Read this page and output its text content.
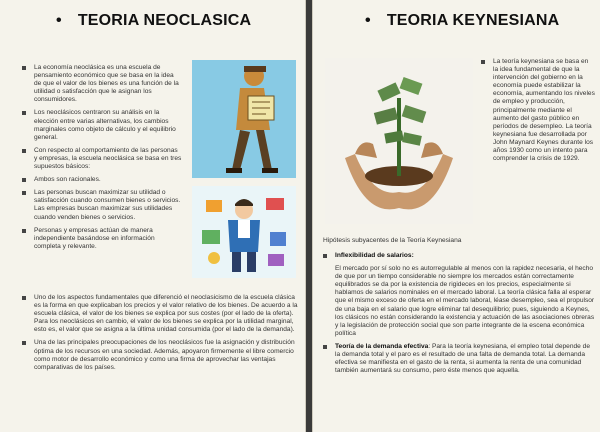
• TEORIA NEOCLASICA
La economía neoclásica es una escuela de pensamiento económico que se basa en la idea de que el valor de los bienes es una función de la utilidad o satisfacción que le asignan los consumidores.
Los neoclásicos centraron su análisis en la elección entre varias alternativas, los cambios marginales como objeto de cálculo y el equilibrio general.
Con respecto al comportamiento de las personas y empresas, la escuela neoclásica se basa en tres supuestos básicos:
Ambos son racionales.
Las personas buscan maximizar su utilidad o satisfacción cuando consumen bienes o servicios. Las empresas buscan maximizar sus utilidades cuando venden bienes o servicios.
Personas y empresas actúan de manera independiente basándose en información completa y relevante.
Uno de los aspectos fundamentales que diferenció el neoclasicismo de la escuela clásica es la forma en que explicaban los precios y el valor relativo de los bienes. De acuerdo a la escuela clásica, el valor de los bienes se explica por sus costes (por el lado de la oferta). Para los neoclásicos en cambio, el valor de los bienes se explica por la utilidad marginal, esto es, el valor que se asigna a la última unidad consumida (por el lado de la demanda).
Una de las principales preocupaciones de los neoclásicos fue la asignación y distribución óptima de los recursos en una sociedad. Además, apoyaron firmemente el libre comercio como motor de desarrollo económico y como una firma de aprovechar las ventajas comparativas de los países.
• TEORIA KEYNESIANA
La teoría keynesiana se basa en la idea fundamental de que la intervención del gobierno en la economía puede estabilizar la economía, aumentando los niveles de empleo y producción, principalmente mediante el aumento del gasto público en períodos de desempleo. La teoría keynesiana fue desarrollada por John Maynard Keynes durante los años 1930 como un intento para comprender la crisis de 1929.
Hipótesis subyacentes de la Teoría Keynesiana
Inflexibilidad de salarios:
El mercado por sí solo no es autorregulable al menos con la rapidez necesaria, el hecho de que por un tiempo considerable no siempre los mercados están correctamente equilibrados se da por la existencia de rigideces en los precios, especialmente si hablamos de salarios nominales en el mercado laboral. La teoría clásica falla al esperar que el mismo exceso de oferta en el mercado laboral, léase desempleo, sea el propulsor de una baja en el salario que logre eliminar tal desequilibrio; pues, siguiendo a Keynes, los clásicos no están considerando la existencia y actuación de las asociaciones obreras y la legislación de protección social que son parte integrante de la escena económica política
Teoría de la demanda efectiva: Para la teoría keynesiana, el empleo total depende de la demanda total y el paro es el resultado de una falta de demanda total. La demanda efectiva se manifiesta en el gasto de la renta, si aumenta la renta de una comunidad también aumentará su consumo, pero éste menos que aquella.
